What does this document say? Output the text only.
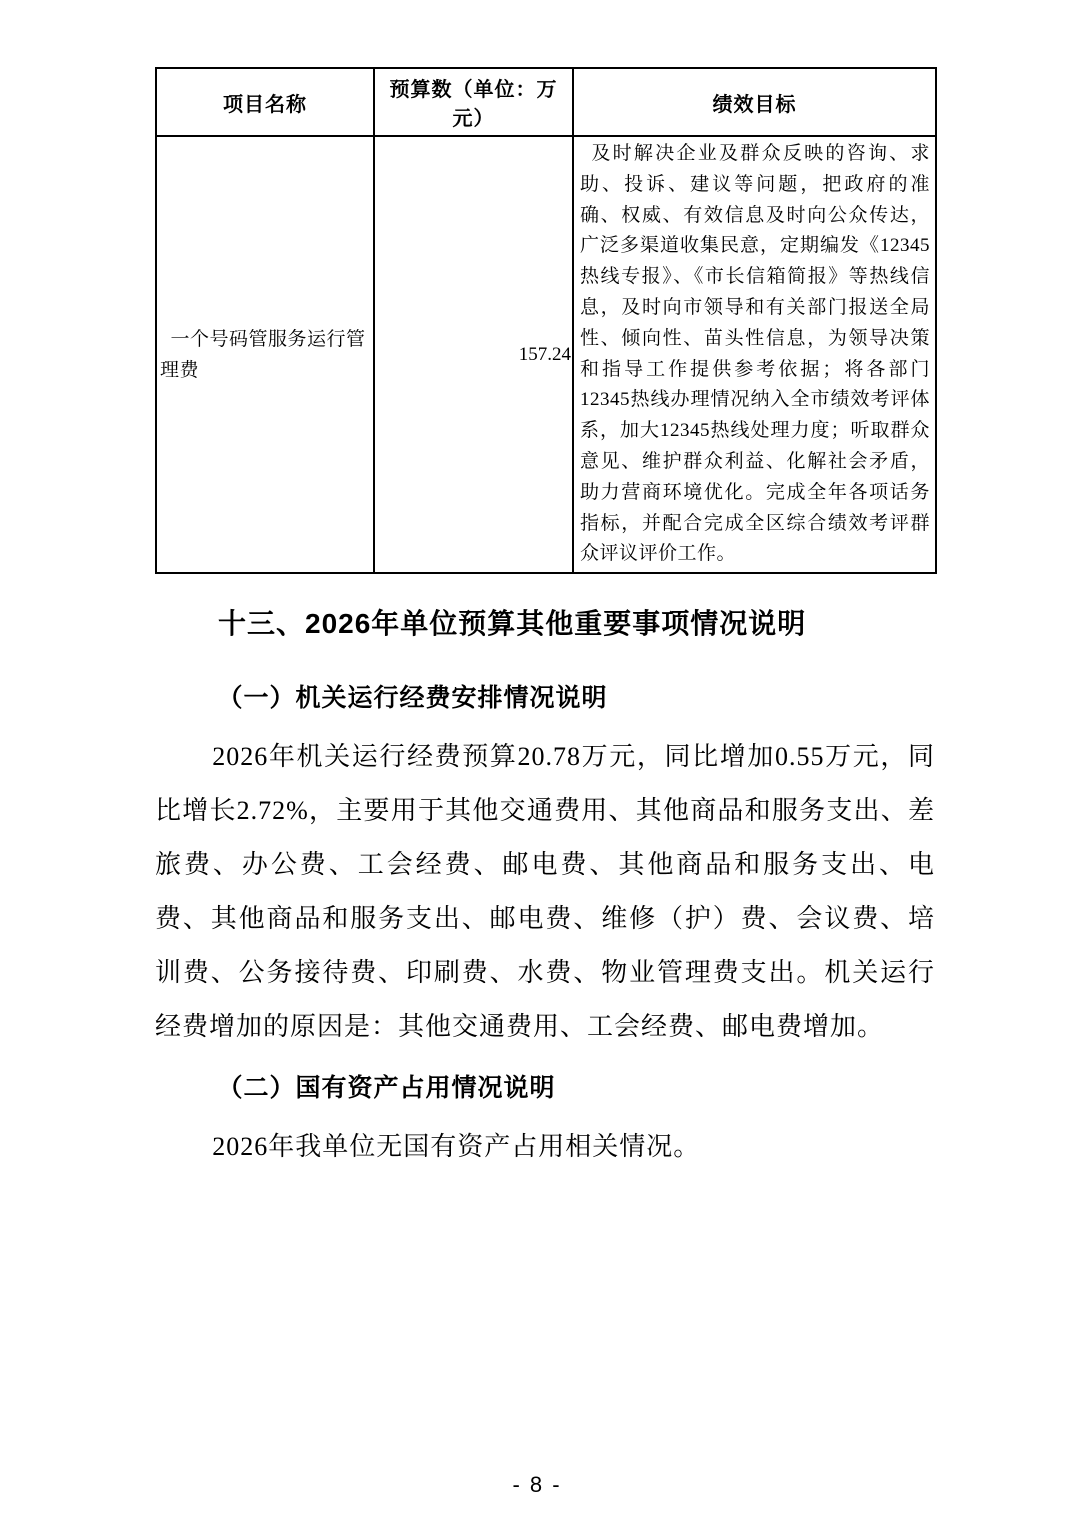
项目名称	预算数（单位：万元）	绩效目标
一个号码管服务运行管理费	157.24	及时解决企业及群众反映的咨询、求助、投诉、建议等问题，把政府的准确、权威、有效信息及时向公众传达，广泛多渠道收集民意，定期编发《12345热线专报》、《市长信箱简报》等热线信息，及时向市领导和有关部门报送全局性、倾向性、苗头性信息，为领导决策和指导工作提供参考依据；将各部门12345热线办理情况纳入全市绩效考评体系，加大12345热线处理力度；听取群众意见、维护群众利益、化解社会矛盾，助力营商环境优化。完成全年各项话务指标，并配合完成全区综合绩效考评群众评议评价工作。
十三、2026年单位预算其他重要事项情况说明
（一）机关运行经费安排情况说明

2026年机关运行经费预算20.78万元，同比增加0.55万元，同比增长2.72%，主要用于其他交通费用、其他商品和服务支出、差旅费、办公费、工会经费、邮电费、其他商品和服务支出、电费、其他商品和服务支出、邮电费、维修（护）费、会议费、培训费、公务接待费、印刷费、水费、物业管理费支出。机关运行经费增加的原因是：其他交通费用、工会经费、邮电费增加。

（二）国有资产占用情况说明

2026年我单位无国有资产占用相关情况。

- 8 -
